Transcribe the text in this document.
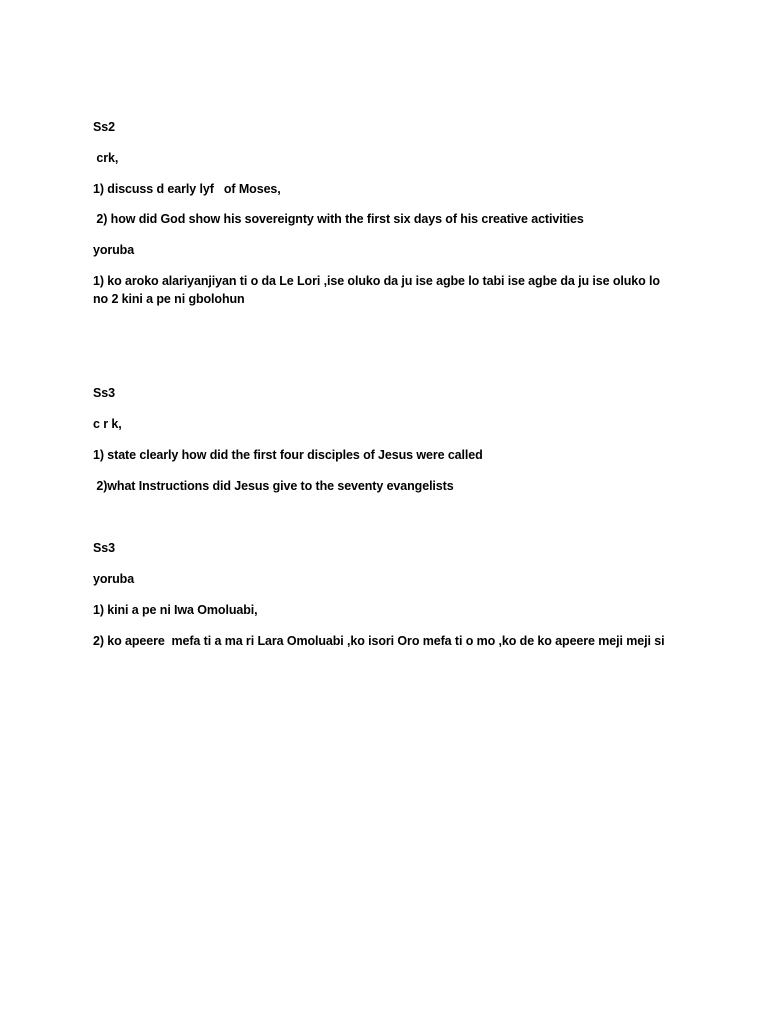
Ss2
crk,
1) discuss d early lyf   of Moses,
2) how did God show his sovereignty with the first six days of his creative activities
yoruba
1) ko aroko alariyanjiyan ti o da Le Lori ,ise oluko da ju ise agbe lo tabi ise agbe da ju ise oluko lo no 2 kini a pe ni gbolohun
Ss3
c r k,
1) state clearly how did the first four disciples of Jesus were called
2)what Instructions did Jesus give to the seventy evangelists
Ss3
yoruba
1) kini a pe ni Iwa Omoluabi,
2) ko apeere  mefa ti a ma ri Lara Omoluabi ,ko isori Oro mefa ti o mo ,ko de ko apeere meji meji si
